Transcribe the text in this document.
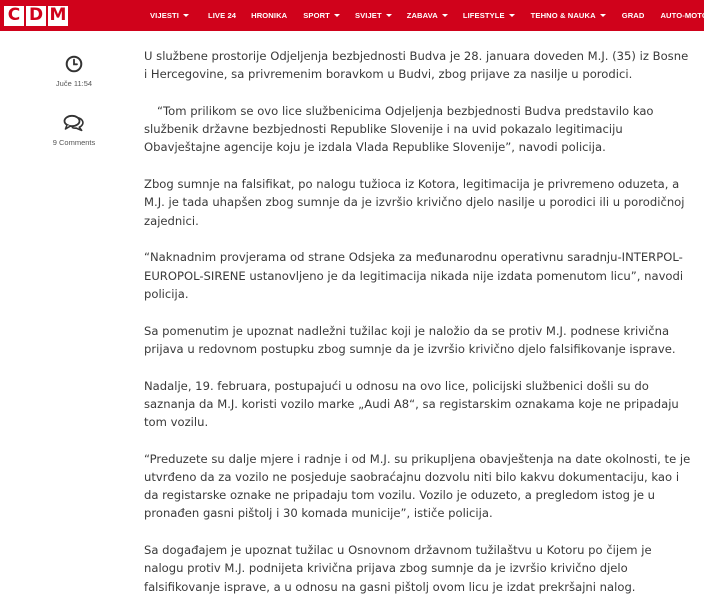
C D M	VIJESTI	LIVE 24 HRONIKA SPORT	SVIJET	ZABAVA	LIFESTYLE	TEHNO & NAUKA	GRAD AUTO-MOTO
Juče 11:54
9 Comments

U službene prostorije Odjeljenja bezbjednosti Budva je 28. januara doveden M.J. (35) iz Bosne i Hercegovine, sa privremenim boravkom u Budvi, zbog prijave za nasilje u porodici.

“Tom prilikom se ovo lice službenicima Odjeljenja bezbjednosti Budva predstavilo kao službenik državne bezbjednosti Republike Slovenije i na uvid pokazalo legitimaciju Obavještajne agencije koju je izdala Vlada Republike Slovenije”, navodi policija.

Zbog sumnje na falsifikat, po nalogu tužioca iz Kotora, legitimacija je privremeno oduzeta, a M.J. je tada uhapšen zbog sumnje da je izvršio krivično djelo nasilje u porodici ili u porodičnoj zajednici.

“Naknadnim provjerama od strane Odsjeka za međunarodnu operativnu saradnju-INTERPOL-EUROPOL-SIRENE ustanovljeno je da legitimacija nikada nije izdata pomenutom licu”, navodi policija.

Sa pomenutim je upoznat nadležni tužilac koji je naložio da se protiv M.J. podnese krivična prijava u redovnom postupku zbog sumnje da je izvršio krivično djelo falsifikovanje isprave.

Nadalje, 19. februara, postupajući u odnosu na ovo lice, policijski službenici došli su do saznanja da M.J. koristi vozilo marke „Audi A8“, sa registarskim oznakama koje ne pripadaju tom vozilu.

“Preduzete su dalje mjere i radnje i od M.J. su prikupljena obavještenja na date okolnosti, te je utvrđeno da za vozilo ne posjeduje saobraćajnu dozvolu niti bilo kakvu dokumentaciju, kao i da registarske oznake ne pripadaju tom vozilu. Vozilo je oduzeto, a pregledom istog je u pronađen gasni pištolj i 30 komada municije”, ističe policija.

Sa događajem je upoznat tužilac u Osnovnom državnom tužilaštvu u Kotoru po čijem je nalogu protiv M.J. podnijeta krivična prijava zbog sumnje da je izvršio krivično djelo falsifikovanje isprave, a u odnosu na gasni pištolj ovom licu je izdat prekršajni nalog.
